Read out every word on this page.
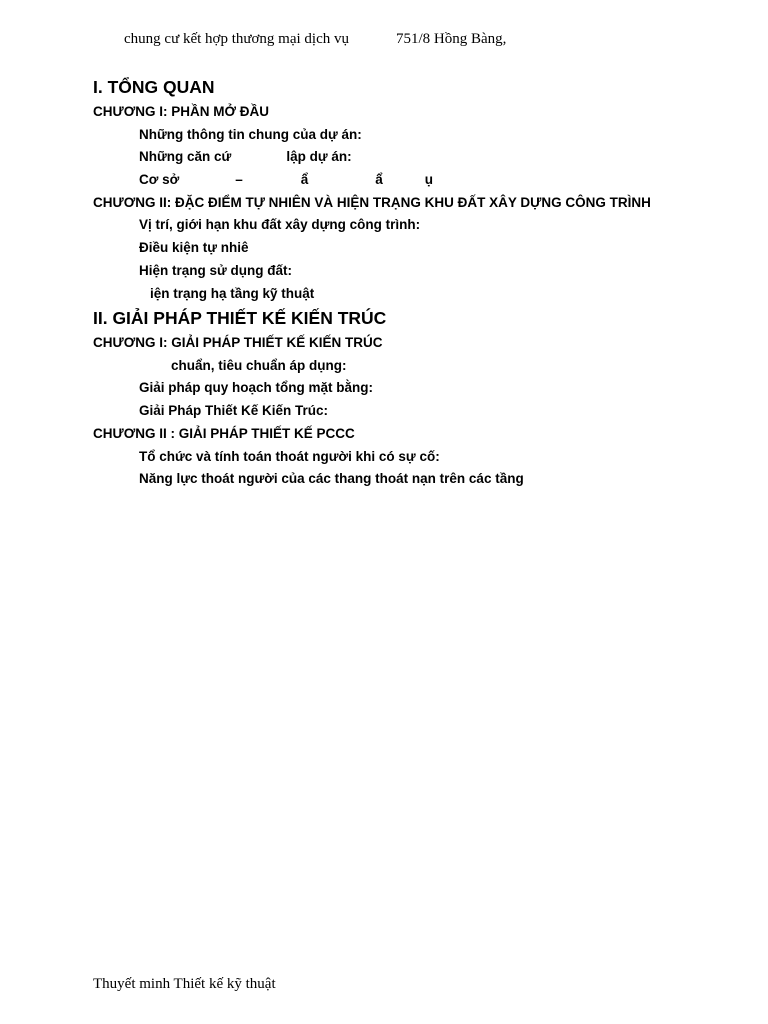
chung cư kết hợp thương mại dịch vụ	751/8 Hồng Bàng,
I. TỔNG QUAN
CHƯƠNG I: PHẦN MỞ ĐẦU
Những thông tin chung của dự án:
Những căn cứ	lập dự án:
Cơ sở	–	ẩ	ẩ	ụ
CHƯƠNG II: ĐẶC ĐIỂM TỰ NHIÊN VÀ HIỆN TRẠNG KHU ĐẤT XÂY DỰNG CÔNG TRÌNH
Vị trí, giới hạn khu đất xây dựng công trình:
Điều kiện tự nhiê
Hiện trạng sử dụng đất:
iện trạng hạ tầng kỹ thuật
II. GIẢI PHÁP THIẾT KẾ KIẾN TRÚC
CHƯƠNG I: GIẢI PHÁP THIẾT KẾ KIẾN TRÚC
chuẩn, tiêu chuẩn áp dụng:
Giải pháp quy hoạch tổng mặt bằng:
Giải Pháp Thiết Kế Kiến Trúc:
CHƯƠNG II : GIẢI PHÁP THIẾT KẾ PCCC
Tổ chức và tính toán thoát người khi có sự cố:
Năng lực thoát người của các thang thoát nạn trên các tầng
Thuyết minh Thiết kế kỹ thuật
